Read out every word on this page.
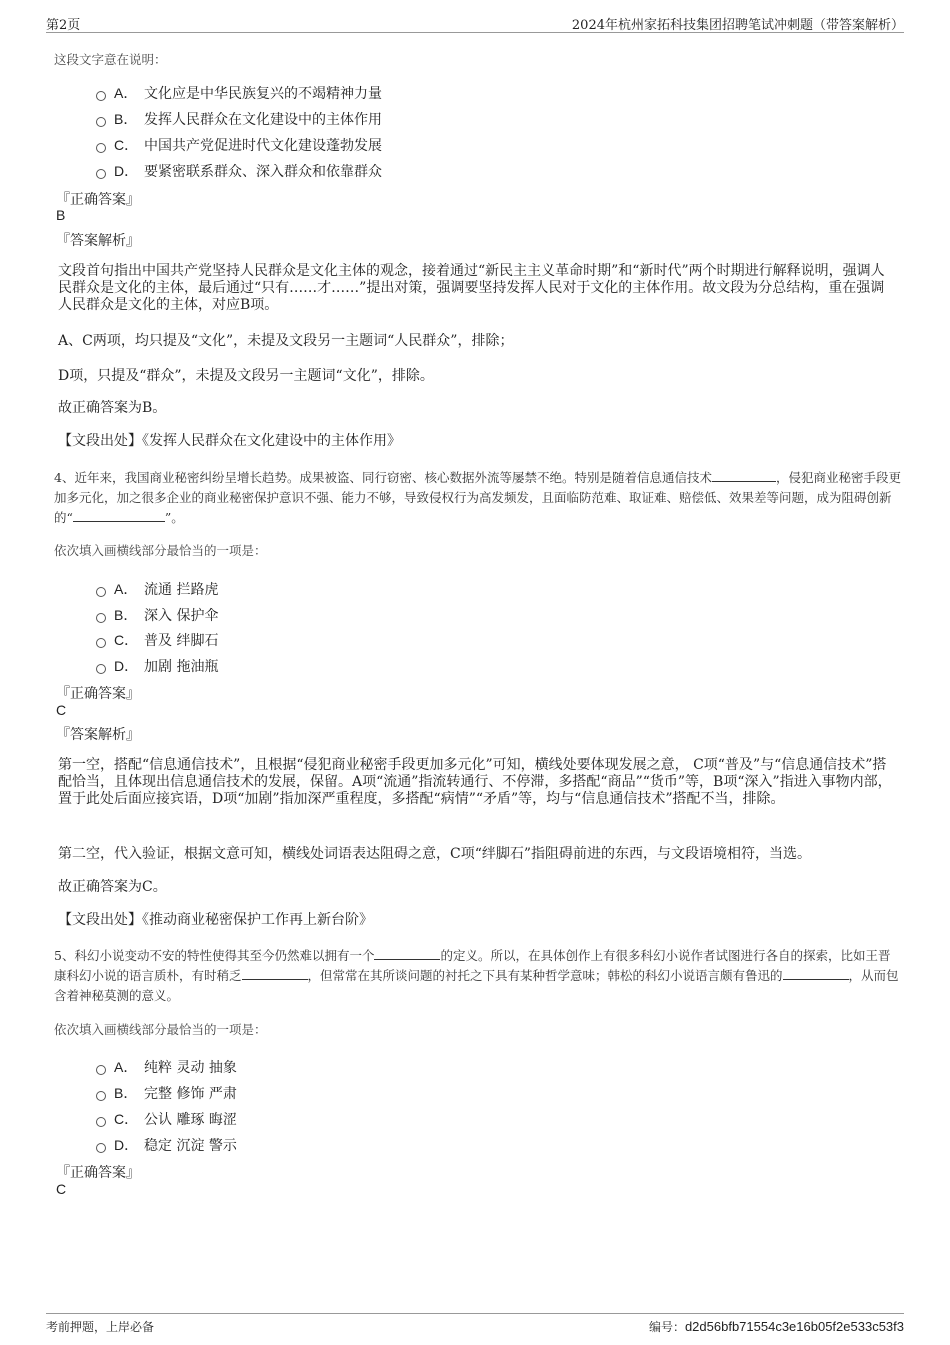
第2页	2024年杭州家拓科技集团招聘笔试冲刺题（带答案解析）
这段文字意在说明：
A． 文化应是中华民族复兴的不竭精神力量
B． 发挥人民群众在文化建设中的主体作用
C． 中国共产党促进时代文化建设蓬勃发展
D． 要紧密联系群众、深入群众和依靠群众
『正确答案』
B
『答案解析』
文段首句指出中国共产党坚持人民群众是文化主体的观念，接着通过“新民主主义革命时期”和“新时代”两个时期进行解释说明，强调人民群众是文化的主体，最后通过“只有……才……”提出对策，强调要坚持发挥人民对于文化的主体作用。故文段为分总结构，重在强调人民群众是文化的主体，对应B项。
A、C两项，均只提及“文化”，未提及文段另一主题词“人民群众”，排除；
D项，只提及“群众”，未提及文段另一主题词“文化”，排除。
故正确答案为B。
【文段出处】《发挥人民群众在文化建设中的主体作用》
4、近年来，我国商业秘密纠纷呈增长趋势。成果被盗、同行窃密、核心数据外流等屡禁不绝。特别是随着信息通信技术	，侵犯商业秘密手段更加多元化，加之很多企业的商业秘密保护意识不强、能力不够，导致侵权行为高发频发，且面临防范难、取证难、赔偿低、效果差等问题，成为阻碍创新的“	”。
依次填入画横线部分最恰当的一项是：
A． 流通 拦路虎
B． 深入 保护伞
C． 普及 绊脚石
D． 加剧 拖油瓶
『正确答案』
C
『答案解析』
第一空，搭配“信息通信技术”，且根据“侵犯商业秘密手段更加多元化”可知，横线处要体现发展之意， C项“普及”与“信息通信技术”搭配恰当，且体现出信息通信技术的发展，保留。A项“流通”指流转通行、不停滞，多搭配“商品”“货币”等，B项“深入”指进入事物内部，置于此处后面应接宾语，D项“加剧”指加深严重程度，多搭配“病情”“矛盾”等，均与“信息通信技术”搭配不当，排除。
第二空，代入验证，根据文意可知，横线处词语表达阻碍之意，C项“绊脚石”指阻碍前进的东西，与文段语境相符，当选。
故正确答案为C。
【文段出处】《推动商业秘密保护工作再上新台阶》
5、科幻小说变动不安的特性使得其至今仍然难以拥有一个	的定义。所以，在具体创作上有很多科幻小说作者试图进行各自的探索，比如王晋康科幻小说的语言质朴，有时稍乏	，但常常在其所谈问题的衬托之下具有某种哲学意味；韩松的科幻小说语言颇有鲁迅的	，从而包含着神秘莫测的意义。
依次填入画横线部分最恰当的一项是：
A． 纯粹 灵动 抽象
B． 完整 修饰 严肃
C． 公认 雕琢 晦涩
D． 稳定 沉淀 警示
『正确答案』
C
考前押题，上岸必备	编号：d2d56bfb71554c3e16b05f2e533c53f3
